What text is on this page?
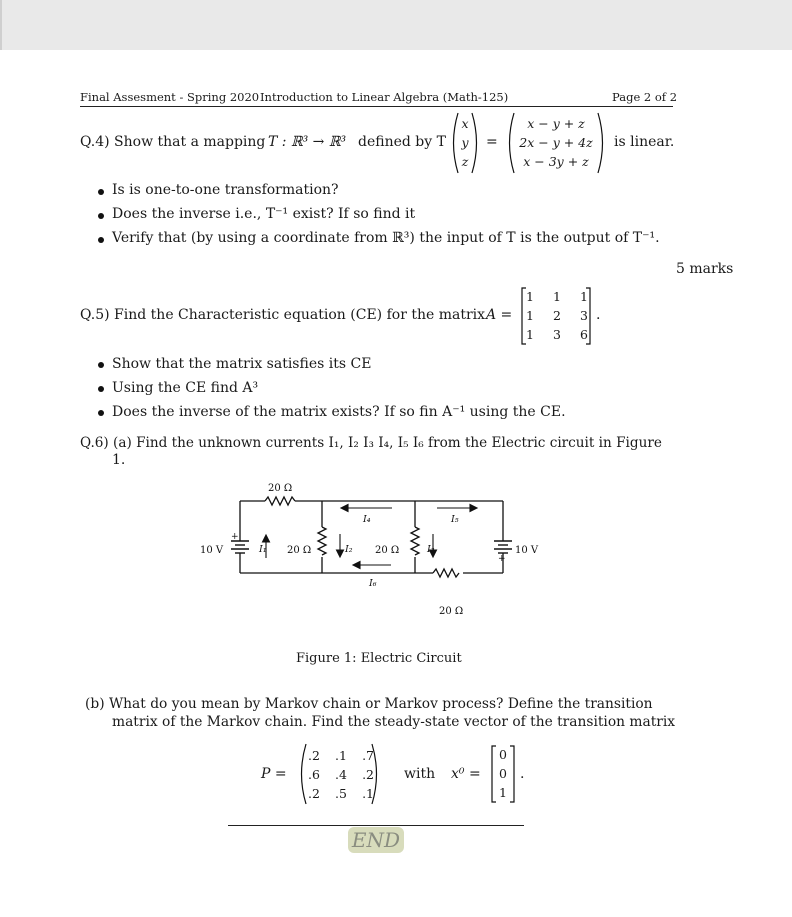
Final Assesment - Spring 2020 Introduction to Linear Algebra (Math-125)	Page 2 of 2
Q.4) Show that a mapping T : ℝ³ → ℝ³ defined by T
x
y
z
=
x − y + z
2x − y + 4z
x − 3y + z
is linear.
Is is one-to-one transformation?
Does the inverse i.e., T⁻¹ exist? If so find it
Verify that (by using a coordinate from ℝ³) the input of T is the output of T⁻¹.
5 marks
Q.5) Find the Characteristic equation (CE) for the matrix A =
1 1 1
1 2 3
1 3 6
.
Show that the matrix satisfies its CE
Using the CE find A³
Does the inverse of the matrix exists? If so fin A⁻¹ using the CE.
Q.6) (a) Find the unknown currents I₁, I₂ I₃ I₄, I₅ I₆ from the Electric circuit in Figure
1.
+
+
20 Ω
20 Ω	20 Ω
20 Ω
10 V	10 V
I₁	I₂	I₃
I₄	I₅
I₆
Figure 1: Electric Circuit
(b) What do you mean by Markov chain or Markov process? Define the transition
matrix of the Markov chain. Find the steady-state vector of the transition matrix
P =
.2 .1 .7
.6 .4 .2
.2 .5 .1
with x⁰ =
0
0
1
.
END
